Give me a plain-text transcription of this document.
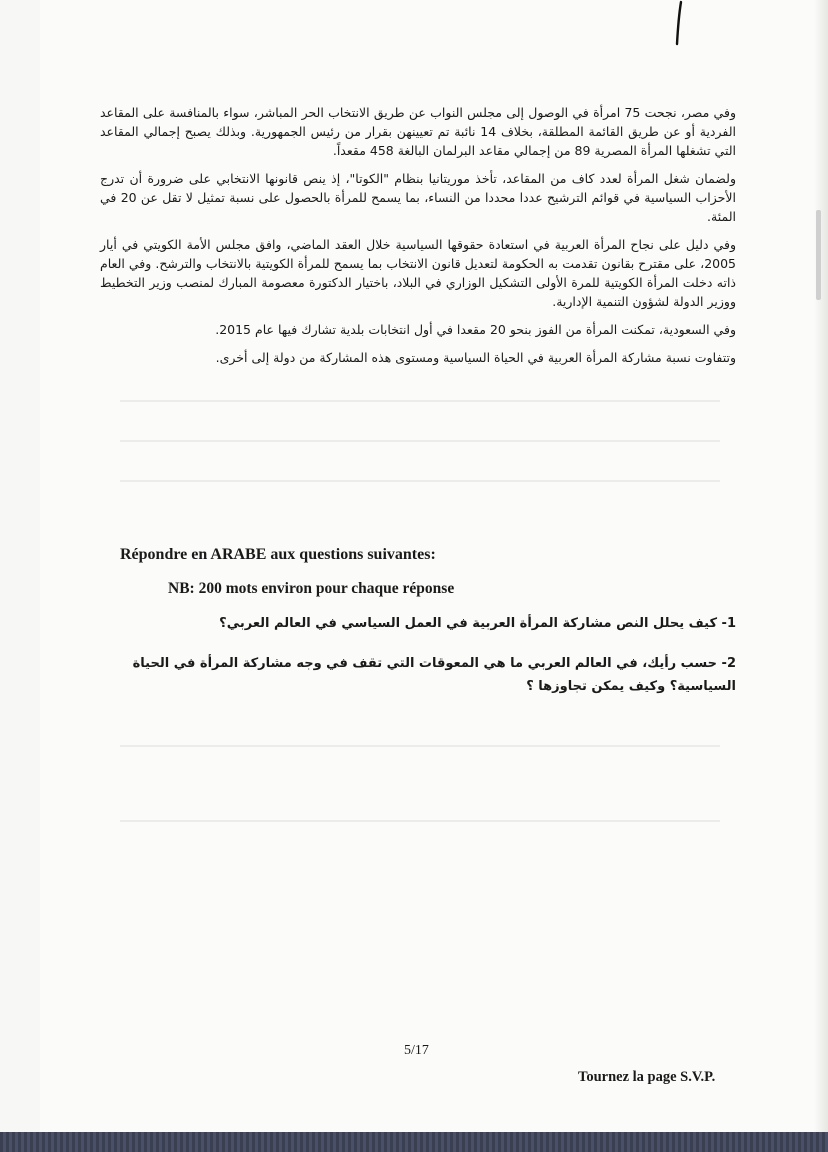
وفي مصر، نجحت 75 امرأة في الوصول إلى مجلس النواب عن طريق الانتخاب الحر المباشر، سواء بالمنافسة على المقاعد الفردية أو عن طريق القائمة المطلقة، بخلاف 14 نائبة تم تعيينهن بقرار من رئيس الجمهورية. وبذلك يصبح إجمالي المقاعد التي تشغلها المرأة المصرية 89 من إجمالي مقاعد البرلمان البالغة 458 مقعداً.

ولضمان شغل المرأة لعدد كاف من المقاعد، تأخذ موريتانيا بنظام "الكوتا"، إذ ينص قانونها الانتخابي على ضرورة أن تدرج الأحزاب السياسية في قوائم الترشيح عددا محددا من النساء، بما يسمح للمرأة بالحصول على نسبة تمثيل لا تقل عن 20 في المئة.

وفي دليل على نجاح المرأة العربية في استعادة حقوقها السياسية خلال العقد الماضي، وافق مجلس الأمة الكويتي في أيار 2005، على مقترح بقانون تقدمت به الحكومة لتعديل قانون الانتخاب بما يسمح للمرأة الكويتية بالانتخاب والترشح. وفي العام ذاته دخلت المرأة الكويتية للمرة الأولى التشكيل الوزاري في البلاد، باختيار الدكتورة معصومة المبارك لمنصب وزير التخطيط ووزير الدولة لشؤون التنمية الإدارية.

وفي السعودية، تمكنت المرأة من الفوز بنحو 20 مقعدا في أول انتخابات بلدية تشارك فيها عام 2015.

وتتفاوت نسبة مشاركة المرأة العربية في الحياة السياسية ومستوى هذه المشاركة من دولة إلى أخرى.

Répondre en ARABE aux questions suivantes:
NB: 200 mots environ pour chaque réponse
1- كيف يحلل النص مشاركة المرأة العربية في العمل السياسي في العالم العربي؟
2- حسب رأيك، في العالم العربي ما هي المعوقات التي تقف في وجه مشاركة المرأة في الحياة السياسية؟ وكيف يمكن تجاوزها ؟
5/17
Tournez la page S.V.P.
